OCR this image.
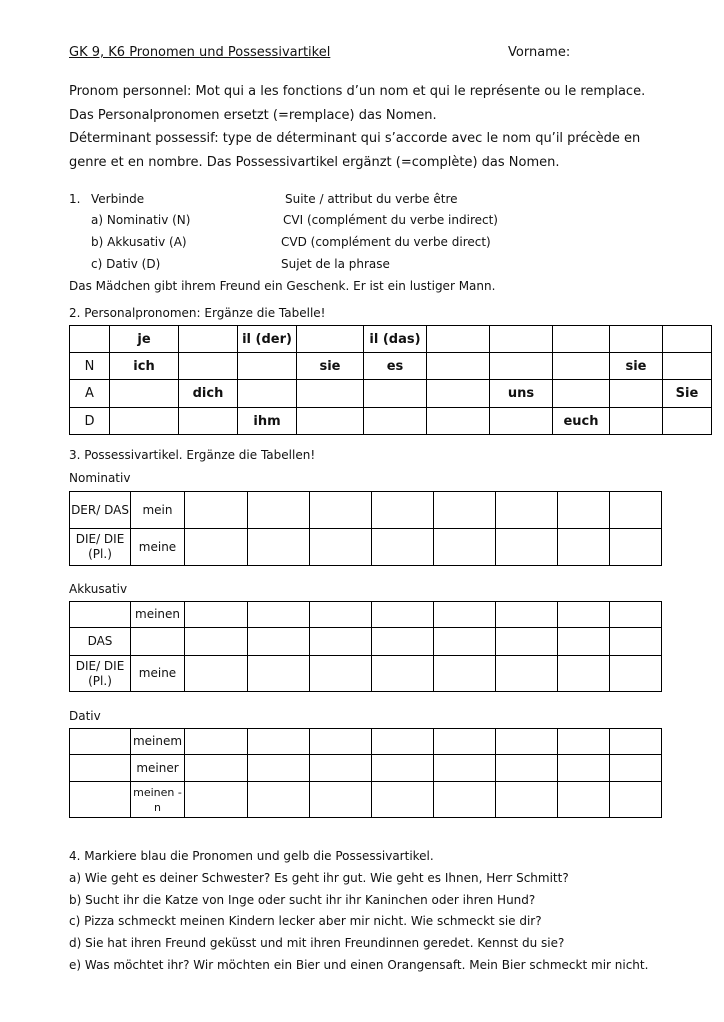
GK 9, K6 Pronomen und Possessivartikel	Vorname:
Pronom personnel: Mot qui a les fonctions d’un nom et qui le représente ou le remplace.
Das Personalpronomen ersetzt (=remplace) das Nomen.
Déterminant possessif: type de déterminant qui s’accorde avec le nom qu’il précède en
genre et en nombre. Das Possessivartikel ergänzt (=complète) das Nomen.
1. Verbinde
a) Nominativ (N)
b) Akkusativ (A)
c) Dativ (D)
Suite / attribut du verbe être
CVI (complément du verbe indirect)
CVD (complément du verbe direct)
Sujet de la phrase
Das Mädchen gibt ihrem Freund ein Geschenk. Er ist ein lustiger Mann.
2. Personalpronomen: Ergänze die Tabelle!
	je		il (der)		il (das)					
N	ich			sie	es				sie	
A		dich					uns			Sie
D			ihm					euch		
3. Possessivartikel. Ergänze die Tabellen!
Nominativ
DER/ DAS	mein								
DIE/ DIE (Pl.)	meine								
Akkusativ
	meinen								
DAS									
DIE/ DIE (Pl.)	meine								
Dativ
	meinem								
	meiner								
	meinen - n								
4. Markiere blau die Pronomen und gelb die Possessivartikel.
a) Wie geht es deiner Schwester? Es geht ihr gut. Wie geht es Ihnen, Herr Schmitt?
b) Sucht ihr die Katze von Inge oder sucht ihr ihr Kaninchen oder ihren Hund?
c) Pizza schmeckt meinen Kindern lecker aber mir nicht. Wie schmeckt sie dir?
d) Sie hat ihren Freund geküsst und mit ihren Freundinnen geredet. Kennst du sie?
e) Was möchtet ihr? Wir möchten ein Bier und einen Orangensaft. Mein Bier schmeckt mir nicht.
